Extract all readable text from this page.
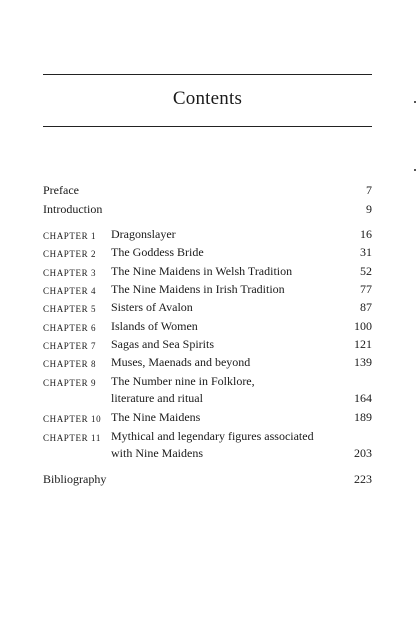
Contents
Preface	7
Introduction	9
CHAPTER 1 Dragonslayer	16
CHAPTER 2 The Goddess Bride	31
CHAPTER 3 The Nine Maidens in Welsh Tradition	52
CHAPTER 4 The Nine Maidens in Irish Tradition	77
CHAPTER 5 Sisters of Avalon	87
CHAPTER 6 Islands of Women	100
CHAPTER 7 Sagas and Sea Spirits	121
CHAPTER 8 Muses, Maenads and beyond	139
CHAPTER 9 The Number nine in Folklore,
literature and ritual	164
CHAPTER 10 The Nine Maidens	189
CHAPTER 11 Mythical and legendary figures associated
with Nine Maidens	203
Bibliography	223
